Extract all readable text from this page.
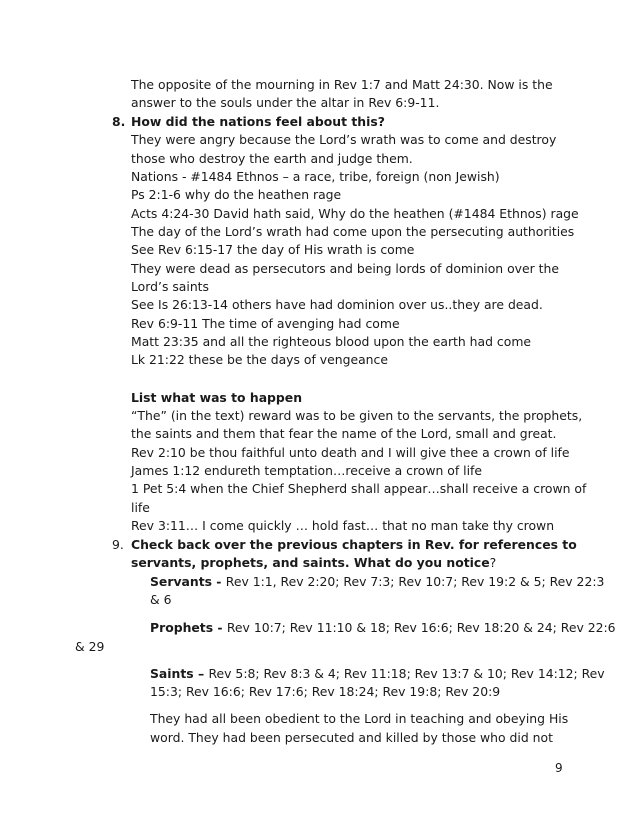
The opposite of the mourning in Rev 1:7 and Matt 24:30. Now is the
answer to the souls under the altar in Rev 6:9-11.
8. How did the nations feel about this?
They were angry because the Lord’s wrath was to come and destroy
those who destroy the earth and judge them.
Nations - #1484 Ethnos – a race, tribe, foreign (non Jewish)
Ps 2:1-6 why do the heathen rage
Acts 4:24-30 David hath said, Why do the heathen (#1484 Ethnos) rage
The day of the Lord’s wrath had come upon the persecuting authorities
See Rev 6:15-17 the day of His wrath is come
They were dead as persecutors and being lords of dominion over the
Lord’s saints
See Is 26:13-14 others have had dominion over us..they are dead.
Rev 6:9-11 The time of avenging had come
Matt 23:35 and all the righteous blood upon the earth had come
Lk 21:22 these be the days of vengeance
List what was to happen
“The” (in the text) reward was to be given to the servants, the prophets,
the saints and them that fear the name of the Lord, small and great.
Rev 2:10 be thou faithful unto death and I will give thee a crown of life
James 1:12 endureth temptation…receive a crown of life
1 Pet 5:4 when the Chief Shepherd shall appear…shall receive a crown of
life
Rev 3:11… I come quickly … hold fast… that no man take thy crown
9. Check back over the previous chapters in Rev. for references to
servants, prophets, and saints. What do you notice?
Servants - Rev 1:1, Rev 2:20; Rev 7:3; Rev 10:7; Rev 19:2 & 5; Rev 22:3
& 6
Prophets - Rev 10:7; Rev 11:10 & 18; Rev 16:6; Rev 18:20 & 24; Rev 22:6
& 29
Saints – Rev 5:8; Rev 8:3 & 4; Rev 11:18; Rev 13:7 & 10; Rev 14:12; Rev
15:3; Rev 16:6; Rev 17:6; Rev 18:24; Rev 19:8; Rev 20:9
They had all been obedient to the Lord in teaching and obeying His
word. They had been persecuted and killed by those who did not
9
